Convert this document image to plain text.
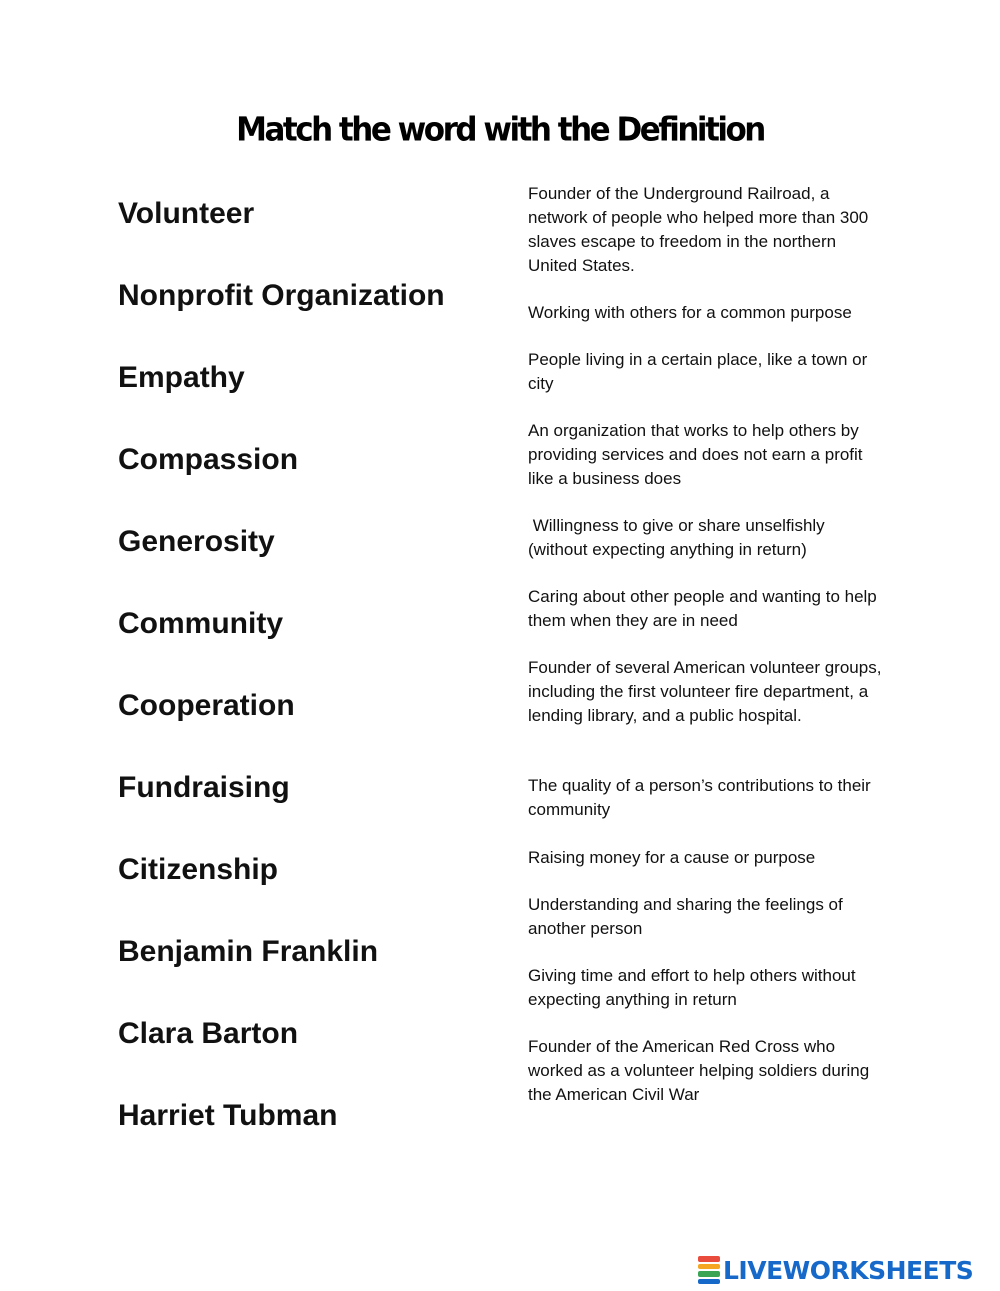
Match the word with the Definition
Volunteer
Nonprofit Organization
Empathy
Compassion
Generosity
Community
Cooperation
Fundraising
Citizenship
Benjamin Franklin
Clara Barton
Harriet Tubman
Founder of the Underground Railroad, a network of people who helped more than 300 slaves escape to freedom in the northern United States.
Working with others for a common purpose
People living in a certain place, like a town or city
An organization that works to help others by providing services and does not earn a profit like a business does
Willingness to give or share unselfishly (without expecting anything in return)
Caring about other people and wanting to help them when they are in need
Founder of several American volunteer groups, including the first volunteer fire department, a lending library, and a public hospital.
The quality of a person’s contributions to their community
Raising money for a cause or purpose
Understanding and sharing the feelings of another person
Giving time and effort to help others without expecting anything in return
Founder of the American Red Cross who worked as a volunteer helping soldiers during the American Civil War
LIVEWORKSHEETS
